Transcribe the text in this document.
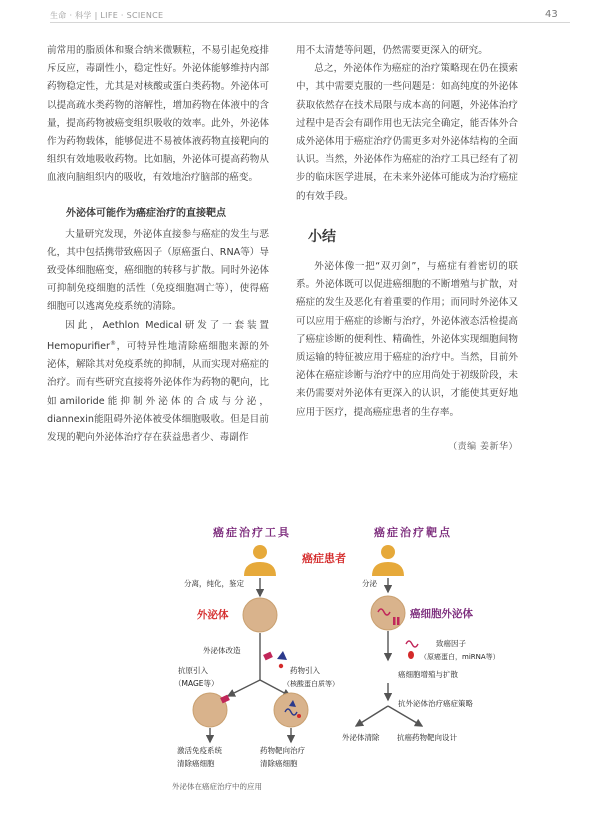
生命 · 科学 | LIFE · SCIENCE	43

前常用的脂质体和聚合纳米微颗粒，不易引起免疫排斥反应，毒副性小，稳定性好。外泌体能够维持内部药物稳定性，尤其是对核酸或蛋白类药物。外泌体可以提高疏水类药物的溶解性，增加药物在体液中的含量，提高药物被癌变组织吸收的效率。此外，外泌体作为药物载体，能够促进不易被体液药物直接靶向的组织有效地吸收药物。比如脑，外泌体可提高药物从血液向脑组织内的吸收，有效地治疗脑部的癌变。

外泌体可能作为癌症治疗的直接靶点

大量研究发现，外泌体直接参与癌症的发生与恶化，其中包括携带致癌因子（原癌蛋白、RNA等）导致受体细胞癌变，癌细胞的转移与扩散。同时外泌体可抑制免疫细胞的活性（免疫细胞凋亡等），使得癌细胞可以逃离免疫系统的清除。

因此，Aethlon Medical研发了一套装置Hemopurifier®，可特异性地清除癌细胞来源的外泌体，解除其对免疫系统的抑制，从而实现对癌症的治疗。而有些研究直接将外泌体作为药物的靶向，比如amiloride能抑制外泌体的合成与分泌，diannexin能阻碍外泌体被受体细胞吸收。但是目前发现的靶向外泌体治疗存在获益患者少、毒副作

用不太清楚等问题，仍然需要更深入的研究。

总之，外泌体作为癌症的治疗策略现在仍在摸索中，其中需要克服的一些问题是：如高纯度的外泌体获取依然存在技术局限与成本高的问题，外泌体治疗过程中是否会有副作用也无法完全确定，能否体外合成外泌体用于癌症治疗仍需更多对外泌体结构的全面认识。当然，外泌体作为癌症的治疗工具已经有了初步的临床医学进展，在未来外泌体可能成为治疗癌症的有效手段。

小结

外泌体像一把“双刃剑”，与癌症有着密切的联系。外泌体既可以促进癌细胞的不断增殖与扩散，对癌症的发生及恶化有着重要的作用；而同时外泌体又可以应用于癌症的诊断与治疗，外泌体液态活检提高了癌症诊断的便利性、精确性，外泌体实现细胞间物质运输的特征被应用于癌症的治疗中。当然，目前外泌体在癌症诊断与治疗中的应用尚处于初级阶段，未来仍需要对外泌体有更深入的认识，才能使其更好地应用于医疗，提高癌症患者的生存率。

（责编 姜新华）
癌症治疗工具	癌症治疗靶点
癌症患者
分离，纯化，鉴定
外泌体
外泌体改造
抗原引入
（MAGE等）
药物引入
（核酸蛋白质等）
激活免疫系统
清除癌细胞
药物靶向治疗
清除癌细胞
分泌
癌细胞外泌体
致癌因子
（原癌蛋白，miRNA等）
癌细胞增殖与扩散
抗外泌体治疗癌症策略
外泌体清除 抗癌药物靶向设计
外泌体在癌症治疗中的应用
